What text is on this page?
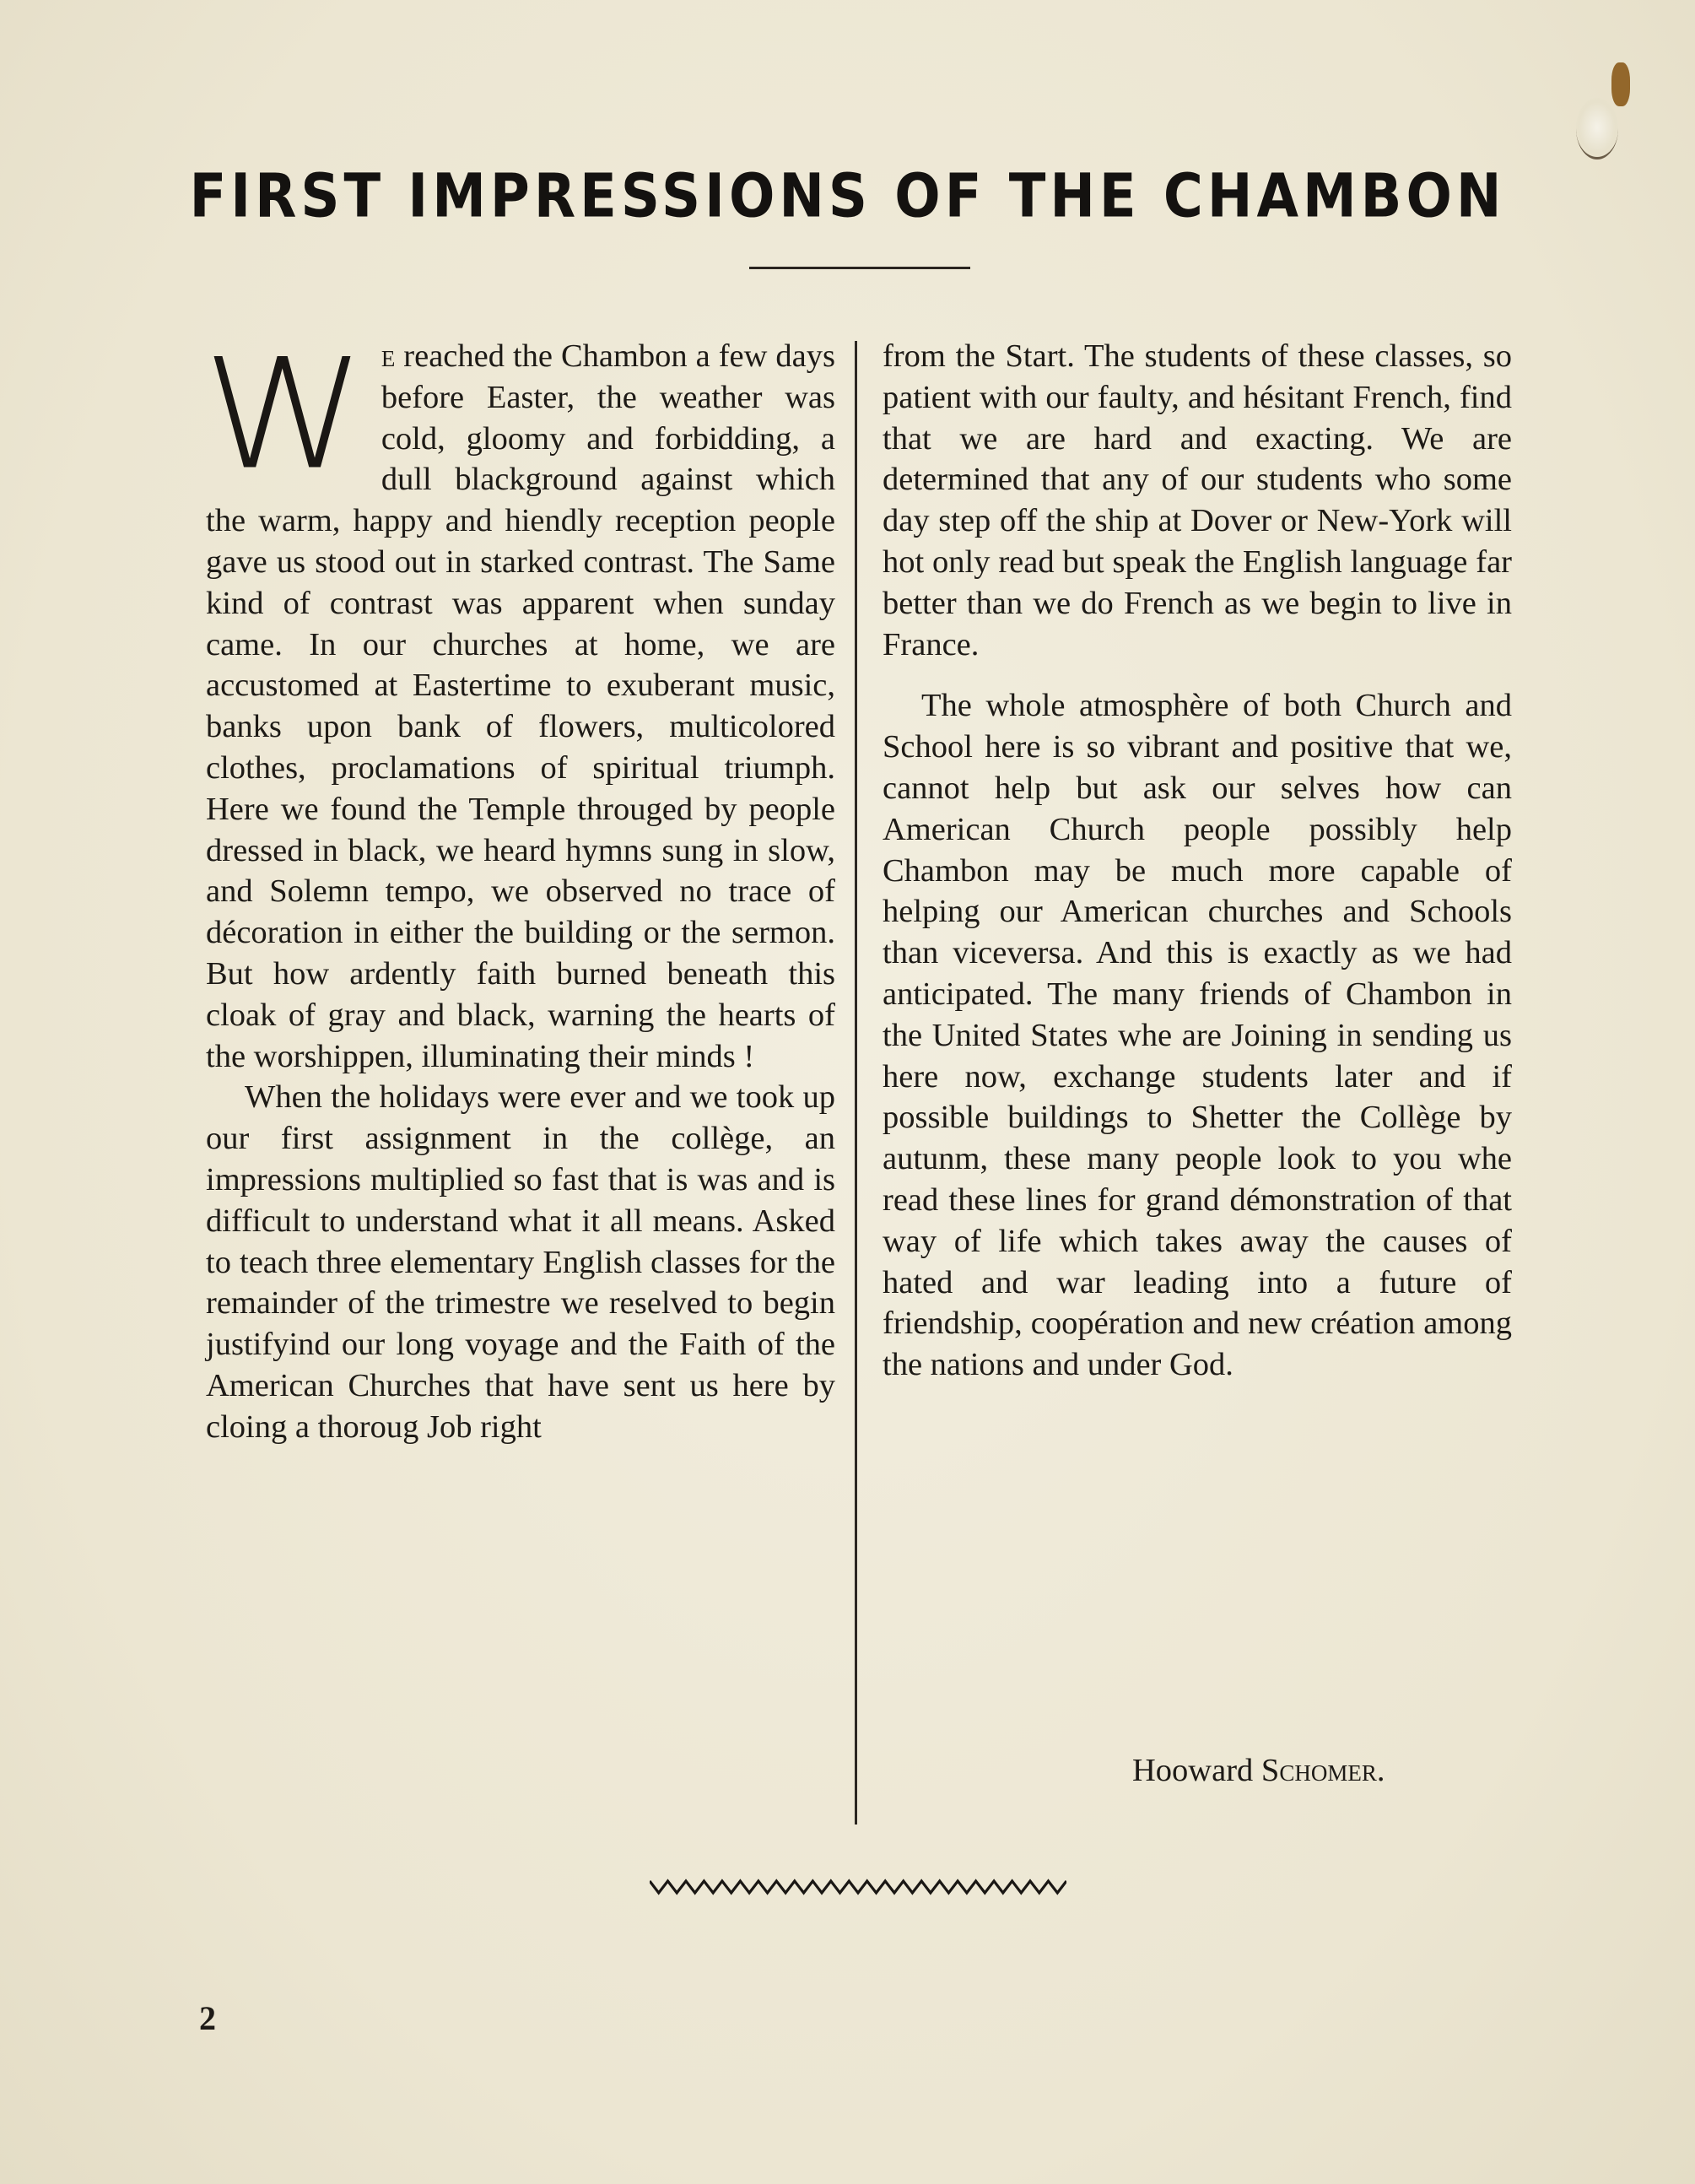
FIRST IMPRESSIONS OF THE CHAMBON

We reached the Chambon a few days before Easter, the weather was cold, gloomy and forbidding, a dull blackground against which the warm, happy and hiendly reception people gave us stood out in starked contrast. The Same kind of contrast was apparent when sunday came. In our churches at home, we are accustomed at Eastertime to exuberant music, banks upon bank of flowers, multicolored clothes, proclamations of spiritual triumph. Here we found the Temple througed by people dressed in black, we heard hymns sung in slow, and Solemn tempo, we observed no trace of décoration in either the building or the sermon. But how ardently faith burned beneath this cloak of gray and black, warning the hearts of the worshippen, illuminating their minds !

When the holidays were ever and we took up our first assignment in the collège, an impressions multiplied so fast that is was and is difficult to understand what it all means. Asked to teach three elementary English classes for the remainder of the trimestre we reselved to begin justifyind our long voyage and the Faith of the American Churches that have sent us here by cloing a thoroug Job right

from the Start. The students of these classes, so patient with our faulty, and hésitant French, find that we are hard and exacting. We are determined that any of our students who some day step off the ship at Dover or New-York will hot only read but speak the English language far better than we do French as we begin to live in France.

The whole atmosphère of both Church and School here is so vibrant and positive that we, cannot help but ask our selves how can American Church people possibly help Chambon may be much more capable of helping our American churches and Schools than viceversa. And this is exactly as we had anticipated. The many friends of Chambon in the United States whe are Joining in sending us here now, exchange students later and if possible buildings to Shetter the Collège by autunm, these many people look to you whe read these lines for grand démonstration of that way of life which takes away the causes of hated and war leading into a future of friendship, coopération and new création among the nations and under God.

Hooward Schomer.
2
